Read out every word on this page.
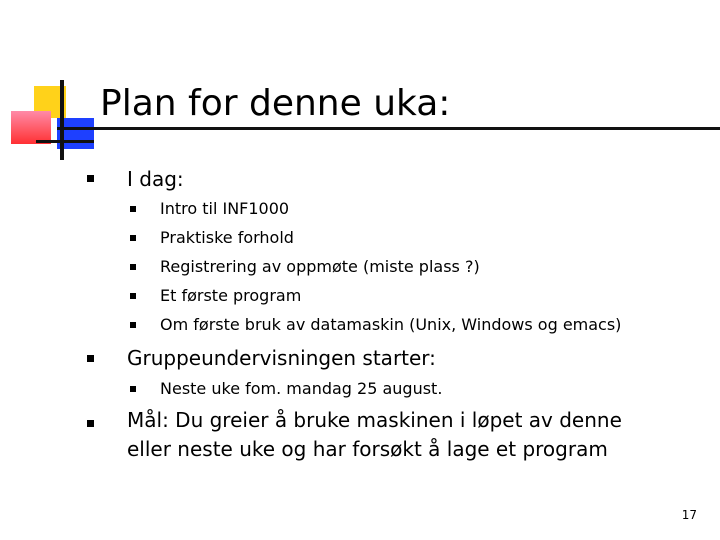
Plan for denne uka:
I dag:
Intro til INF1000
Praktiske forhold
Registrering av oppmøte (miste plass ?)
Et første program
Om første bruk av datamaskin (Unix, Windows og emacs)
Gruppeundervisningen starter:
Neste uke fom. mandag 25 august.
Mål: Du greier å bruke maskinen i løpet av denne
eller neste uke og har forsøkt å lage et program
17
